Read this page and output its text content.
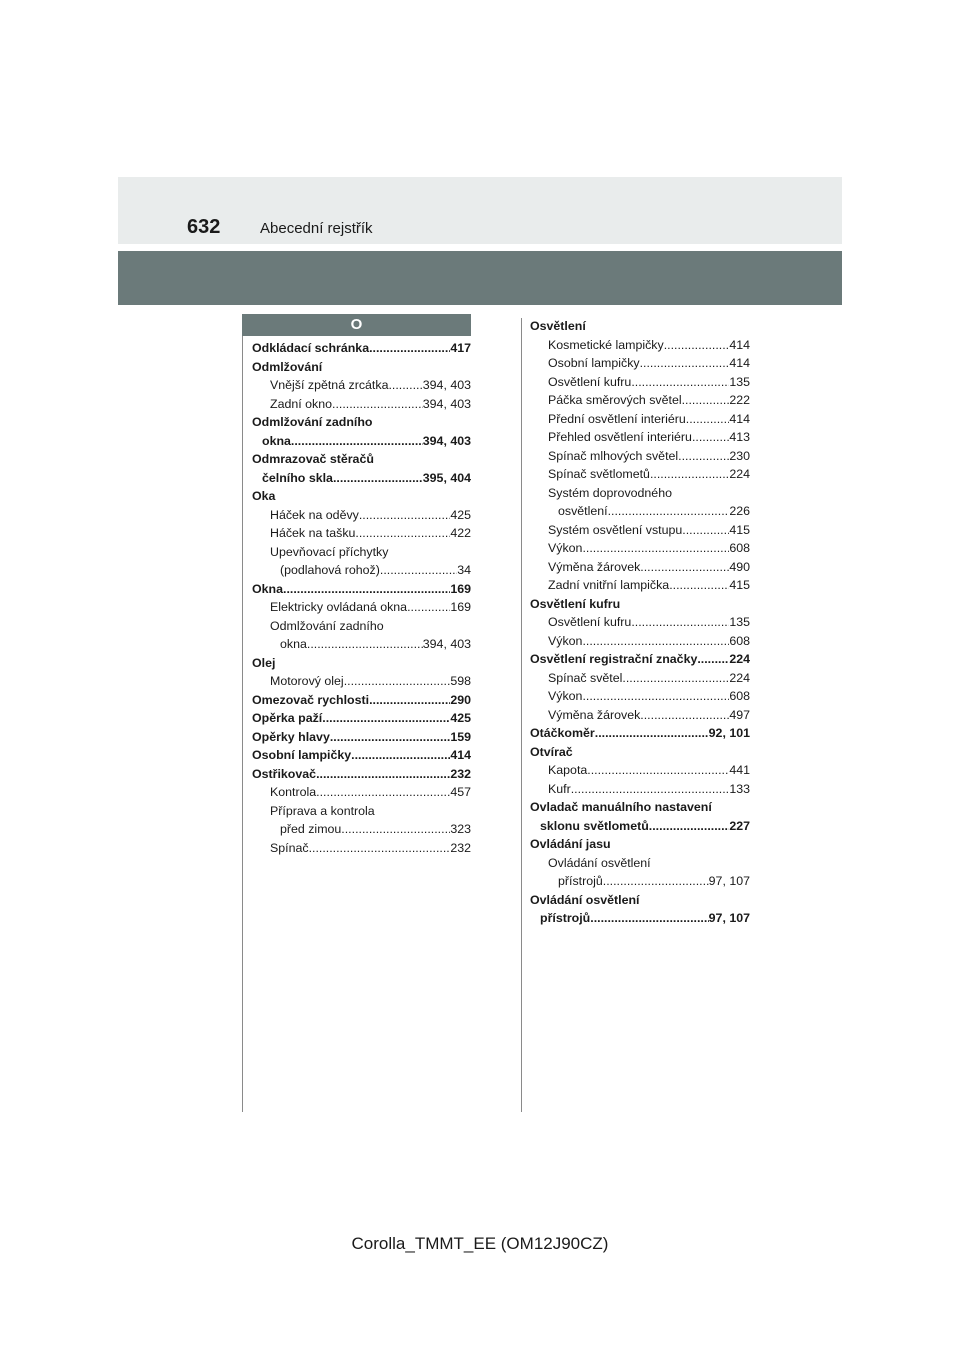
632	Abecední rejstřík
O
Odkládací schránka .....	417
Odmlžování
Vnější zpětná zrcátka .....	394, 403
Zadní okno .....	394, 403
Odmlžování zadního
okna .....	394, 403
Odmrazovač stěračů
čelního skla .....	395, 404
Oka
Háček na oděvy .....	425
Háček na tašku .....	422
Upevňovací příchytky
(podlahová rohož) .....	34
Okna .....	169
Elektricky ovládaná okna .....	169
Odmlžování zadního
okna .....	394, 403
Olej
Motorový olej .....	598
Omezovač rychlosti .....	290
Opěrka paží .....	425
Opěrky hlavy .....	159
Osobní lampičky .....	414
Ostřikovač .....	232
Kontrola .....	457
Příprava a kontrola
před zimou .....	323
Spínač .....	232
Osvětlení
Kosmetické lampičky .....	414
Osobní lampičky .....	414
Osvětlení kufru .....	135
Páčka směrových světel .....	222
Přední osvětlení interiéru .....	414
Přehled osvětlení interiéru .....	413
Spínač mlhových světel .....	230
Spínač světlometů .....	224
Systém doprovodného
osvětlení .....	226
Systém osvětlení vstupu .....	415
Výkon .....	608
Výměna žárovek .....	490
Zadní vnitřní lampička .....	415
Osvětlení kufru
Osvětlení kufru .....	135
Výkon .....	608
Osvětlení registrační značky .....	224
Spínač světel .....	224
Výkon .....	608
Výměna žárovek .....	497
Otáčkoměr .....	92, 101
Otvírač
Kapota .....	441
Kufr .....	133
Ovladač manuálního nastavení
sklonu světlometů .....	227
Ovládání jasu
Ovládání osvětlení
přístrojů .....	97, 107
Ovládání osvětlení
přístrojů .....	97, 107
Corolla_TMMT_EE (OM12J90CZ)
